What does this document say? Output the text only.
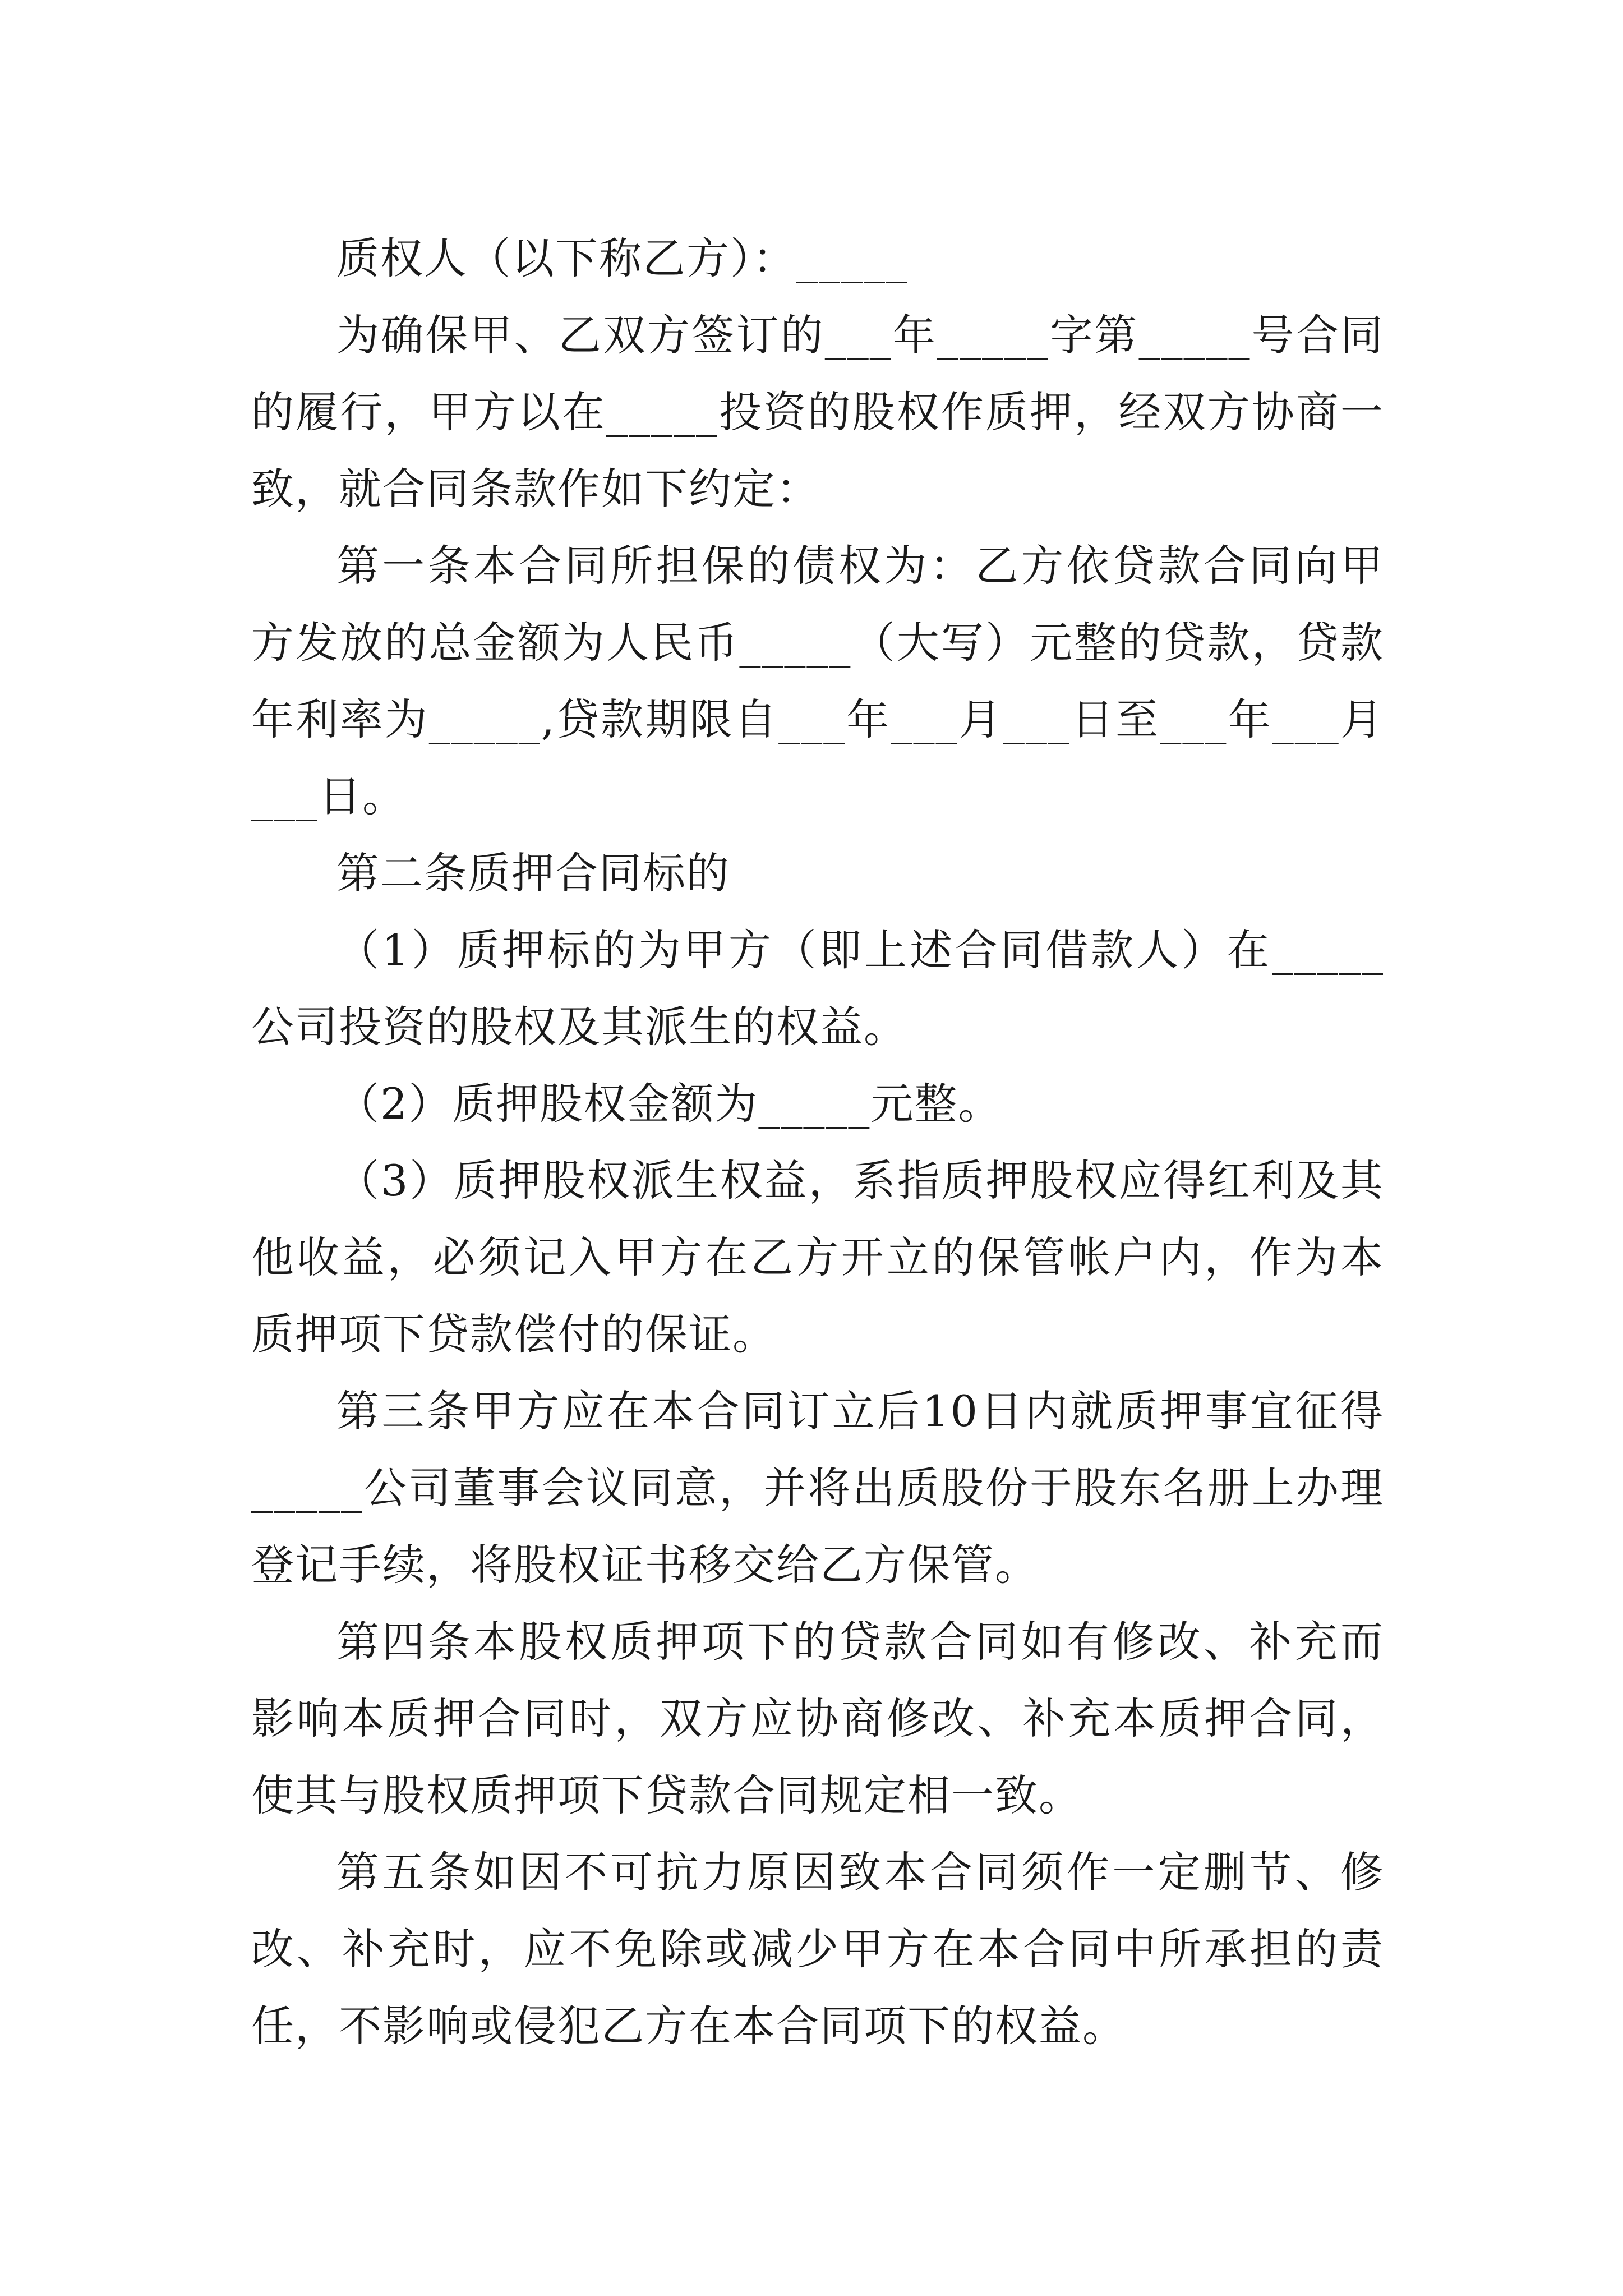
质权人（以下称乙方）：_____

为确保甲、乙双方签订的___年_____字第_____号合同的履行，甲方以在_____投资的股权作质押，经双方协商一致，就合同条款作如下约定：

第一条本合同所担保的债权为：乙方依贷款合同向甲方发放的总金额为人民币_____（大写）元整的贷款，贷款年利率为_____,贷款期限自___年___月___日至___年___月___日。

第二条质押合同标的

（1）质押标的为甲方（即上述合同借款人）在_____公司投资的股权及其派生的权益。

（2）质押股权金额为_____元整。

（3）质押股权派生权益，系指质押股权应得红利及其他收益，必须记入甲方在乙方开立的保管帐户内，作为本质押项下贷款偿付的保证。

第三条甲方应在本合同订立后10日内就质押事宜征得_____公司董事会议同意，并将出质股份于股东名册上办理登记手续，将股权证书移交给乙方保管。

第四条本股权质押项下的贷款合同如有修改、补充而影响本质押合同时，双方应协商修改、补充本质押合同，使其与股权质押项下贷款合同规定相一致。

第五条如因不可抗力原因致本合同须作一定删节、修改、补充时，应不免除或减少甲方在本合同中所承担的责任，不影响或侵犯乙方在本合同项下的权益。
